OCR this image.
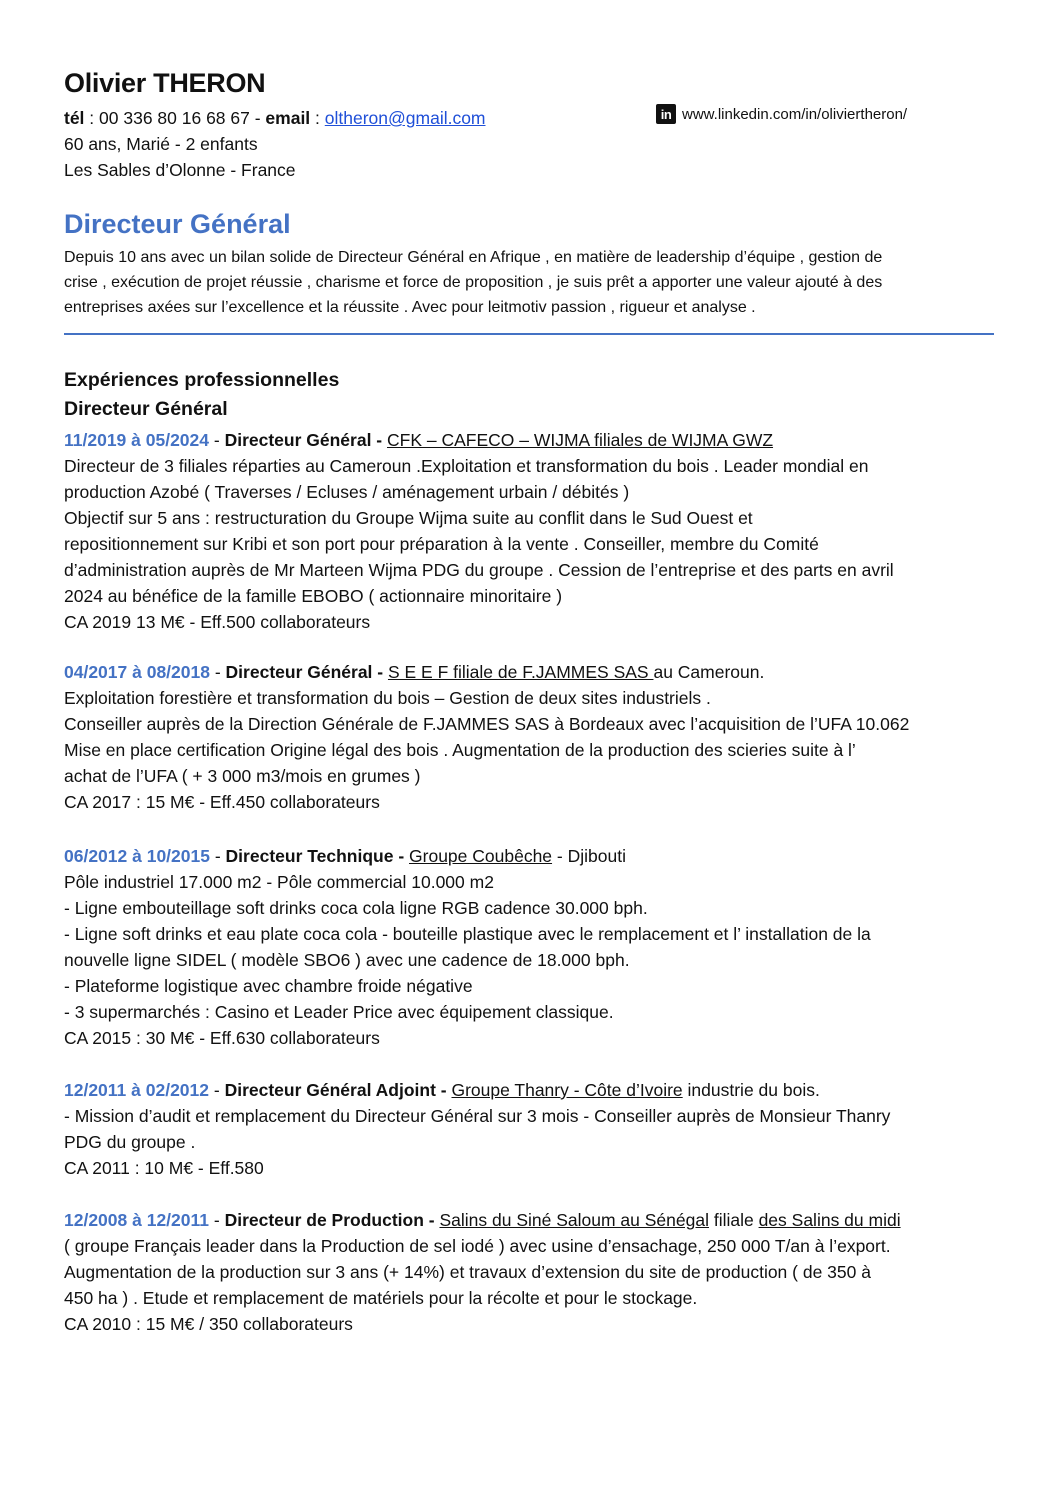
Olivier THERON
tél : 00 336 80 16 68 67 - email : oltheron@gmail.com	in www.linkedin.com/in/oliviertheron/
60 ans, Marié - 2 enfants
Les Sables d’Olonne - France
Directeur Général
Depuis 10 ans avec un bilan solide de Directeur Général en Afrique , en matière de leadership d’équipe , gestion de
crise , exécution de projet réussie , charisme et force de proposition , je suis prêt a apporter une valeur ajouté à des
entreprises axées sur l’excellence et la réussite . Avec pour leitmotiv passion , rigueur et analyse .
Expériences professionnelles
Directeur Général
11/2019 à 05/2024 - Directeur Général - CFK – CAFECO – WIJMA filiales de WIJMA GWZ
Directeur de 3 filiales réparties au Cameroun .Exploitation et transformation du bois . Leader mondial en
production Azobé ( Traverses / Ecluses / aménagement urbain / débités )
Objectif sur 5 ans : restructuration du Groupe Wijma suite au conflit dans le Sud Ouest et
repositionnement sur Kribi et son port pour préparation à la vente . Conseiller, membre du Comité
d’administration auprès de Mr Marteen Wijma PDG du groupe . Cession de l’entreprise et des parts en avril
2024 au bénéfice de la famille EBOBO ( actionnaire minoritaire )
CA 2019 13 M€ - Eff.500 collaborateurs
04/2017 à 08/2018 - Directeur Général - S E E F filiale de F.JAMMES SAS au Cameroun.
Exploitation forestière et transformation du bois – Gestion de deux sites industriels .
Conseiller auprès de la Direction Générale de F.JAMMES SAS à Bordeaux avec l’acquisition de l’UFA 10.062
Mise en place certification Origine légal des bois . Augmentation de la production des scieries suite à l’
achat de l’UFA ( + 3 000 m3/mois en grumes )
CA 2017 : 15 M€ - Eff.450 collaborateurs
06/2012 à 10/2015 - Directeur Technique - Groupe Coubêche - Djibouti
Pôle industriel 17.000 m2 - Pôle commercial 10.000 m2
- Ligne embouteillage soft drinks coca cola ligne RGB cadence 30.000 bph.
- Ligne soft drinks et eau plate coca cola - bouteille plastique avec le remplacement et l’ installation de la
nouvelle ligne SIDEL ( modèle SBO6 ) avec une cadence de 18.000 bph.
- Plateforme logistique avec chambre froide négative
- 3 supermarchés : Casino et Leader Price avec équipement classique.
CA 2015 : 30 M€ - Eff.630 collaborateurs
12/2011 à 02/2012 - Directeur Général Adjoint - Groupe Thanry - Côte d’Ivoire industrie du bois.
- Mission d’audit et remplacement du Directeur Général sur 3 mois - Conseiller auprès de Monsieur Thanry
PDG du groupe .
CA 2011 : 10 M€ - Eff.580
12/2008 à 12/2011 - Directeur de Production - Salins du Siné Saloum au Sénégal filiale des Salins du midi
( groupe Français leader dans la Production de sel iodé ) avec usine d’ensachage, 250 000 T/an à l’export.
Augmentation de la production sur 3 ans (+ 14%) et travaux d’extension du site de production ( de 350 à
450 ha ) . Etude et remplacement de matériels pour la récolte et pour le stockage.
CA 2010 : 15 M€ / 350 collaborateurs
